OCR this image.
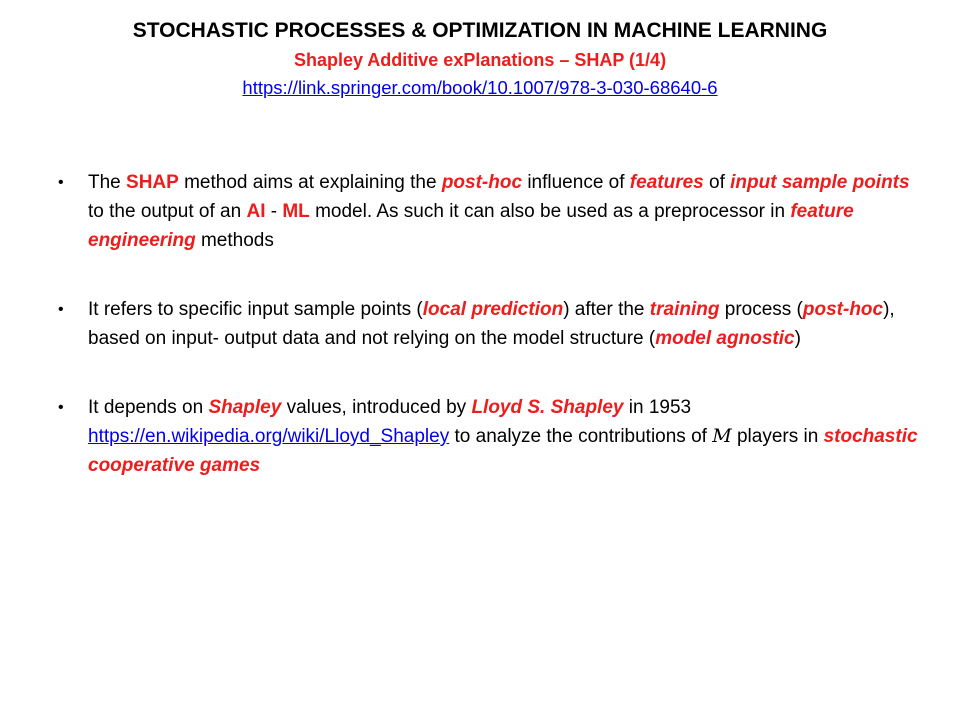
STOCHASTIC PROCESSES & OPTIMIZATION IN MACHINE LEARNING

Shapley Additive exPlanations – SHAP (1/4)

https://link.springer.com/book/10.1007/978-3-030-68640-6
• The SHAP method aims at explaining the post-hoc influence of features of input sample points to the output of an AI - ML model. As such it can also be used as a preprocessor in feature engineering methods
• It refers to specific input sample points (local prediction) after the training process (post-hoc), based on input- output data and not relying on the model structure (model agnostic)
• It depends on Shapley values, introduced by Lloyd S. Shapley in 1953 https://en.wikipedia.org/wiki/Lloyd_Shapley to analyze the contributions of M players in stochastic cooperative games
